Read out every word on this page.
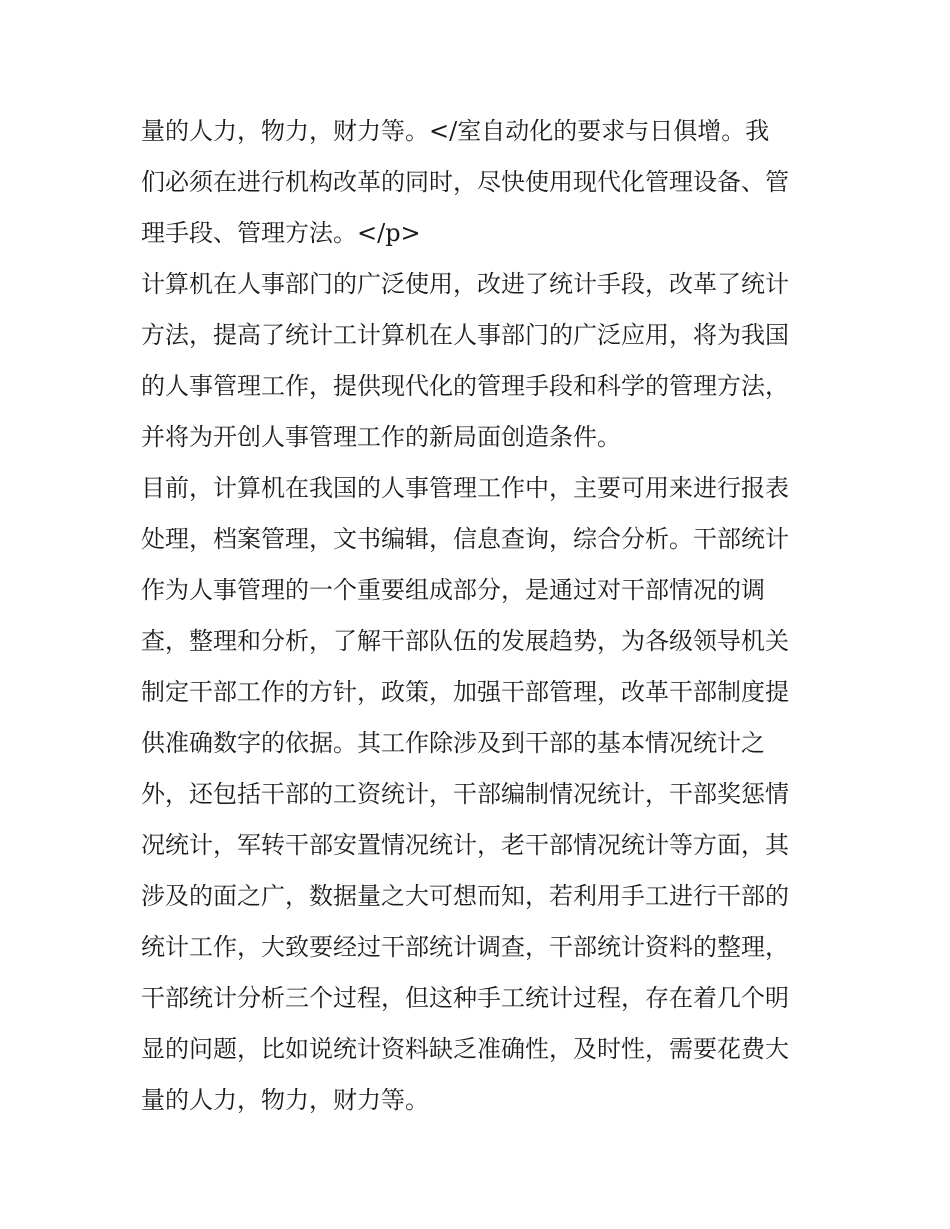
量的人力，物力，财力等。</室自动化的要求与日俱增。我
们必须在进行机构改革的同时，尽快使用现代化管理设备、管
理手段、管理方法。</p>
计算机在人事部门的广泛使用，改进了统计手段，改革了统计
方法，提高了统计工计算机在人事部门的广泛应用，将为我国
的人事管理工作，提供现代化的管理手段和科学的管理方法，
并将为开创人事管理工作的新局面创造条件。
目前，计算机在我国的人事管理工作中，主要可用来进行报表
处理，档案管理，文书编辑，信息查询，综合分析。干部统计
作为人事管理的一个重要组成部分，是通过对干部情况的调
查，整理和分析，了解干部队伍的发展趋势，为各级领导机关
制定干部工作的方针，政策，加强干部管理，改革干部制度提
供准确数字的依据。其工作除涉及到干部的基本情况统计之
外，还包括干部的工资统计，干部编制情况统计，干部奖惩情
况统计，军转干部安置情况统计，老干部情况统计等方面，其
涉及的面之广，数据量之大可想而知，若利用手工进行干部的
统计工作，大致要经过干部统计调查，干部统计资料的整理，
干部统计分析三个过程，但这种手工统计过程，存在着几个明
显的问题，比如说统计资料缺乏准确性，及时性，需要花费大
量的人力，物力，财力等。
